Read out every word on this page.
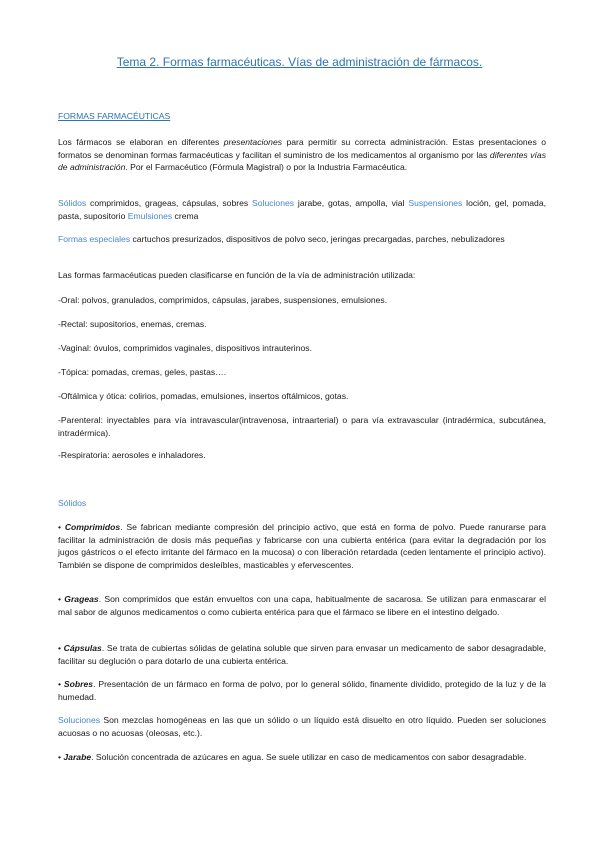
Tema 2. Formas farmacéuticas. Vías de administración de fármacos.

FORMAS FARMACÉUTICAS

Los fármacos se elaboran en diferentes presentaciones para permitir su correcta administración. Estas presentaciones o formatos se denominan formas farmacéuticas y facilitan el suministro de los medicamentos al organismo por las diferentes vías de administración. Por el Farmacéutico (Fórmula Magistral) o por la Industria Farmacéutica.

Sólidos comprimidos, grageas, cápsulas, sobres Soluciones jarabe, gotas, ampolla, vial Suspensiones loción, gel, pomada, pasta, supositorio Emulsiones crema

Formas especiales cartuchos presurizados, dispositivos de polvo seco, jeringas precargadas, parches, nebulizadores

Las formas farmacéuticas pueden clasificarse en función de la vía de administración utilizada:

-Oral: polvos, granulados, comprimidos, cápsulas, jarabes, suspensiones, emulsiones.

-Rectal: supositorios, enemas, cremas.

-Vaginal: óvulos, comprimidos vaginales, dispositivos intrauterinos.

-Tópica: pomadas, cremas, geles, pastas….

-Oftálmica y ótica: colirios, pomadas, emulsiones, insertos oftálmicos, gotas.

-Parenteral: inyectables para vía intravascular(intravenosa, intraarterial) o para vía extravascular (intradérmica, subcutánea, intradérmica).

-Respiratoria: aerosoles e inhaladores.

Sólidos

• Comprimidos. Se fabrican mediante compresión del principio activo, que está en forma de polvo. Puede ranurarse para facilitar la administración de dosis más pequeñas y fabricarse con una cubierta entérica (para evitar la degradación por los jugos gástricos o el efecto irritante del fármaco en la mucosa) o con liberación retardada (ceden lentamente el principio activo). También se dispone de comprimidos desleíbles, masticables y efervescentes.

• Grageas. Son comprimidos que están envueltos con una capa, habitualmente de sacarosa. Se utilizan para enmascarar el mal sabor de algunos medicamentos o como cubierta entérica para que el fármaco se libere en el intestino delgado.

• Cápsulas. Se trata de cubiertas sólidas de gelatina soluble que sirven para envasar un medicamento de sabor desagradable, facilitar su deglución o para dotarlo de una cubierta entérica.

• Sobres. Presentación de un fármaco en forma de polvo, por lo general sólido, finamente dividido, protegido de la luz y de la humedad.

Soluciones Son mezclas homogéneas en las que un sólido o un líquido está disuelto en otro líquido. Pueden ser soluciones acuosas o no acuosas (oleosas, etc.).

• Jarabe. Solución concentrada de azúcares en agua. Se suele utilizar en caso de medicamentos con sabor desagradable.
